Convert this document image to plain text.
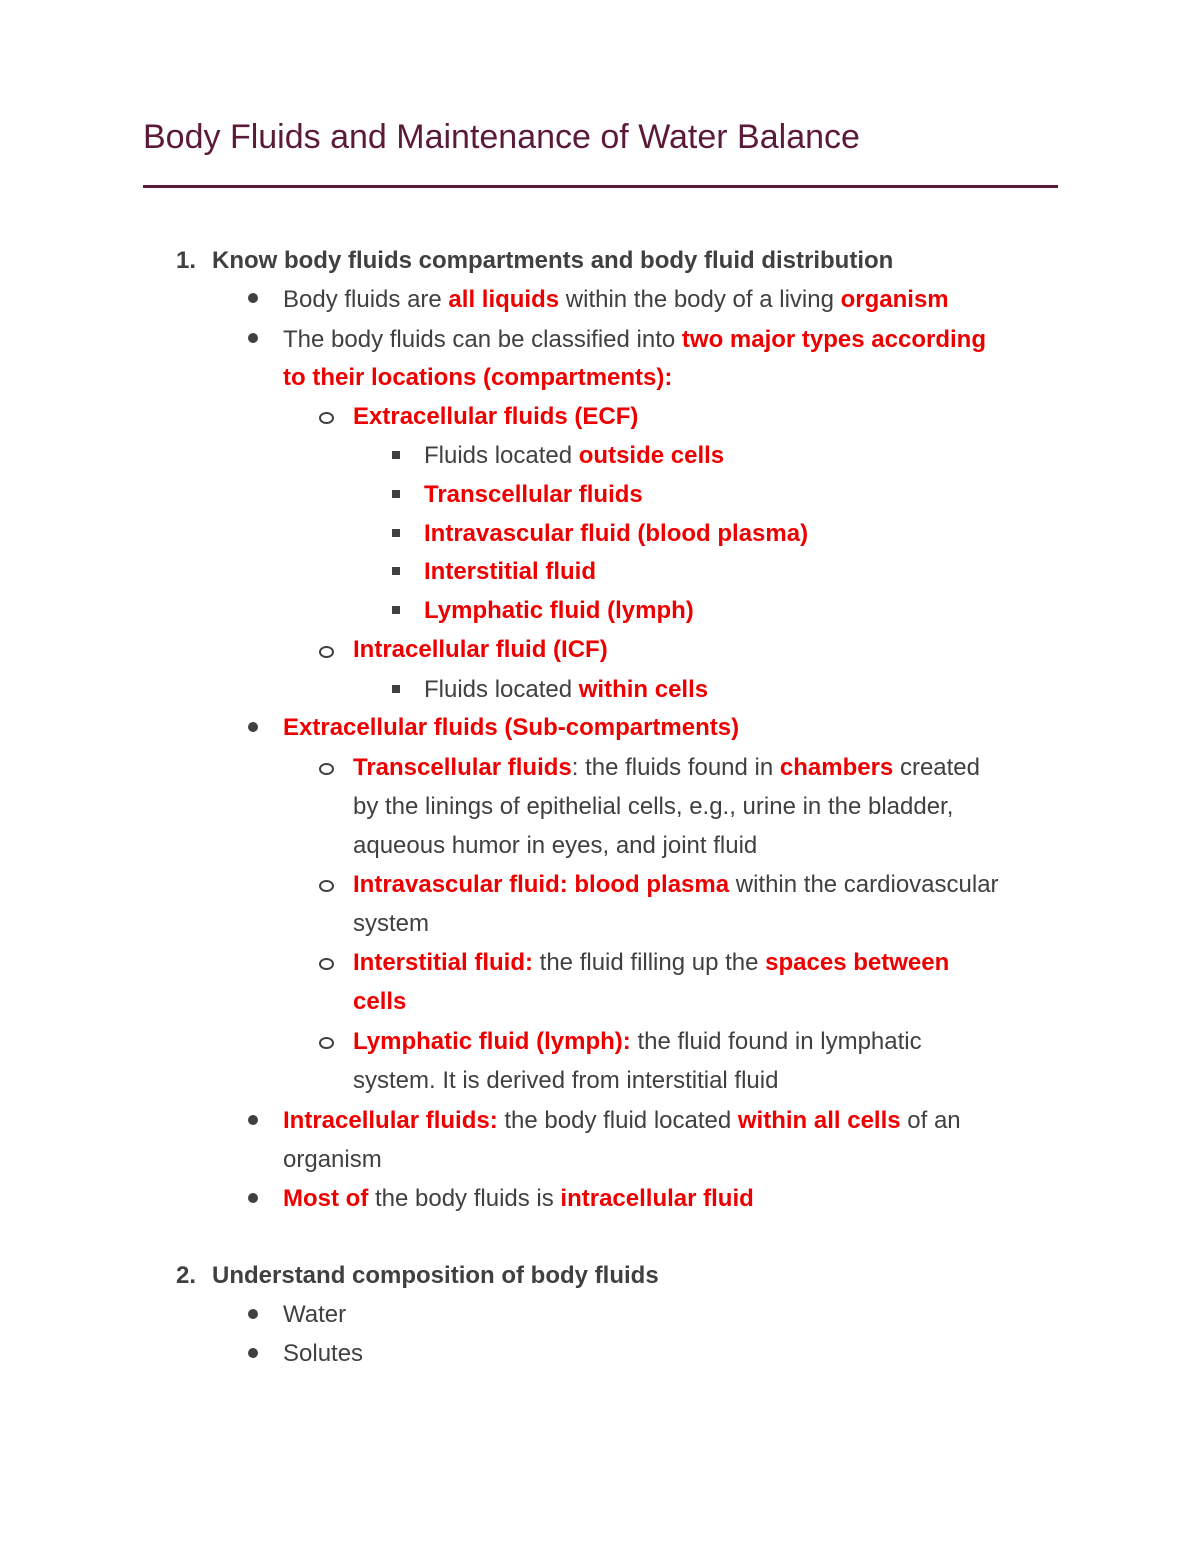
Body Fluids and Maintenance of Water Balance
1. Know body fluids compartments and body fluid distribution
Body fluids are all liquids within the body of a living organism
The body fluids can be classified into two major types according
to their locations (compartments):
Extracellular fluids (ECF)
Fluids located outside cells
Transcellular fluids
Intravascular fluid (blood plasma)
Interstitial fluid
Lymphatic fluid (lymph)
Intracellular fluid (ICF)
Fluids located within cells
Extracellular fluids (Sub-compartments)
Transcellular fluids: the fluids found in chambers created
by the linings of epithelial cells, e.g., urine in the bladder,
aqueous humor in eyes, and joint fluid
Intravascular fluid: blood plasma within the cardiovascular
system
Interstitial fluid: the fluid filling up the spaces between
cells
Lymphatic fluid (lymph): the fluid found in lymphatic
system. It is derived from interstitial fluid
Intracellular fluids: the body fluid located within all cells of an
organism
Most of the body fluids is intracellular fluid
2. Understand composition of body fluids
Water
Solutes
